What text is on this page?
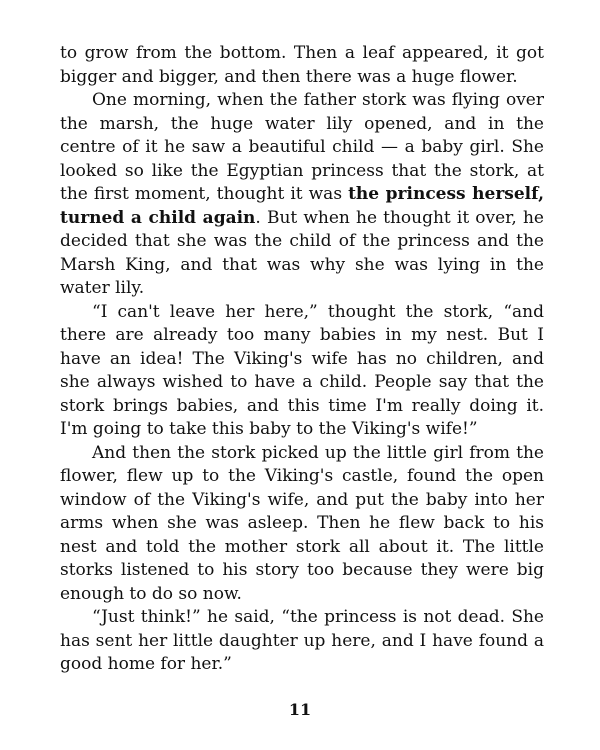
to grow from the bottom. Then a leaf appeared, it got bigger and bigger, and then there was a huge flower.

One morning, when the father stork was flying over the marsh, the huge water lily opened, and in the centre of it he saw a beautiful child — a baby girl. She looked so like the Egyptian princess that the stork, at the first moment, thought it was the princess herself, turned a child again. But when he thought it over, he decided that she was the child of the princess and the Marsh King, and that was why she was lying in the water lily.

“I can't leave her here,” thought the stork, “and there are already too many babies in my nest. But I have an idea! The Viking's wife has no children, and she always wished to have a child. People say that the stork brings babies, and this time I'm really doing it. I'm going to take this baby to the Viking's wife!”

And then the stork picked up the little girl from the flower, flew up to the Viking's castle, found the open window of the Viking's wife, and put the baby into her arms when she was asleep. Then he flew back to his nest and told the mother stork all about it. The little storks listened to his story too because they were big enough to do so now.

“Just think!” he said, “the princess is not dead. She has sent her little daughter up here, and I have found a good home for her.”

11
